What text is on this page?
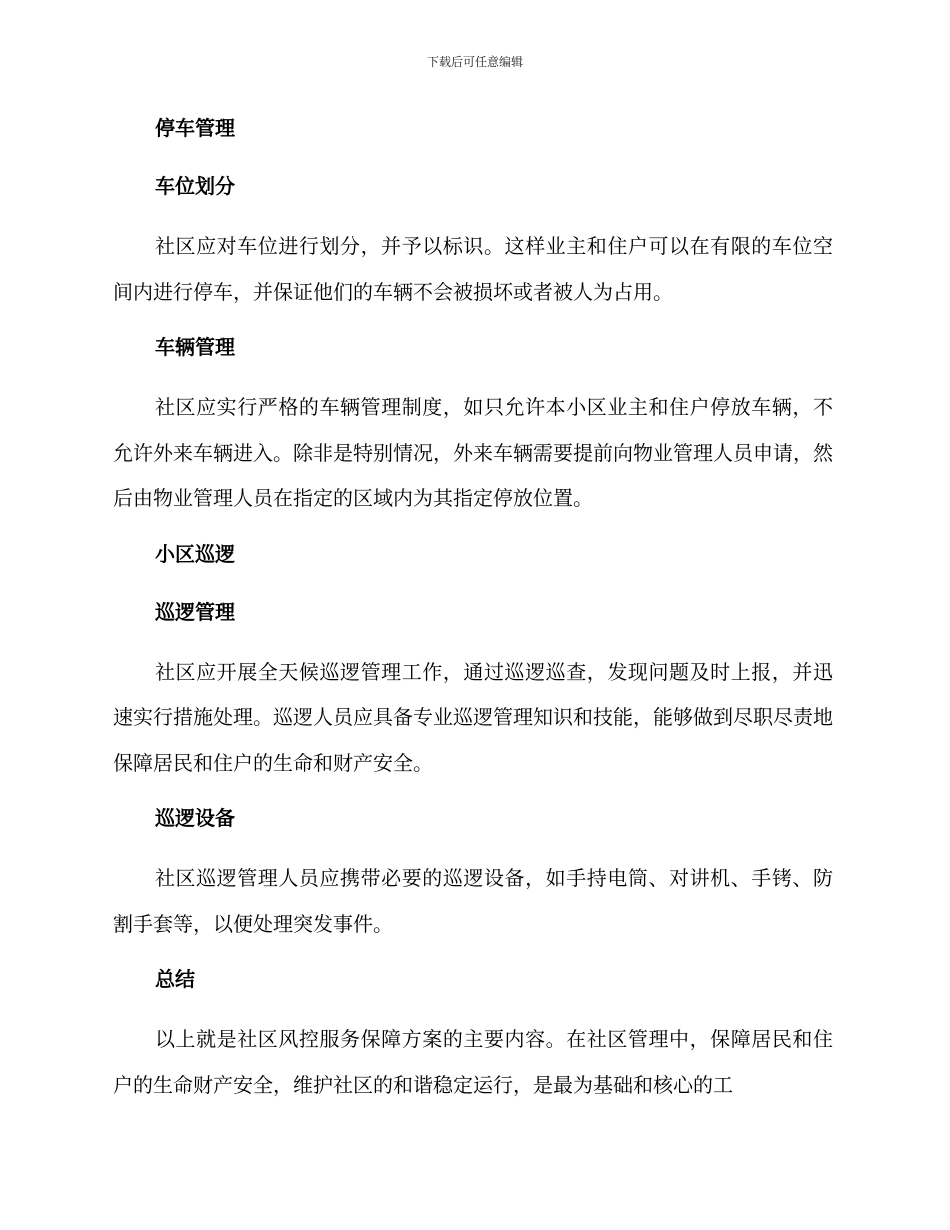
下载后可任意编辑
停车管理
车位划分

社区应对车位进行划分，并予以标识。这样业主和住户可以在有限的车位空间内进行停车，并保证他们的车辆不会被损坏或者被人为占用。

车辆管理

社区应实行严格的车辆管理制度，如只允许本小区业主和住户停放车辆，不允许外来车辆进入。除非是特别情况，外来车辆需要提前向物业管理人员申请，然后由物业管理人员在指定的区域内为其指定停放位置。

小区巡逻
巡逻管理

社区应开展全天候巡逻管理工作，通过巡逻巡查，发现问题及时上报，并迅速实行措施处理。巡逻人员应具备专业巡逻管理知识和技能，能够做到尽职尽责地保障居民和住户的生命和财产安全。

巡逻设备

社区巡逻管理人员应携带必要的巡逻设备，如手持电筒、对讲机、手铐、防割手套等，以便处理突发事件。

总结

以上就是社区风控服务保障方案的主要内容。在社区管理中，保障居民和住户的生命财产安全，维护社区的和谐稳定运行，是最为基础和核心的工
